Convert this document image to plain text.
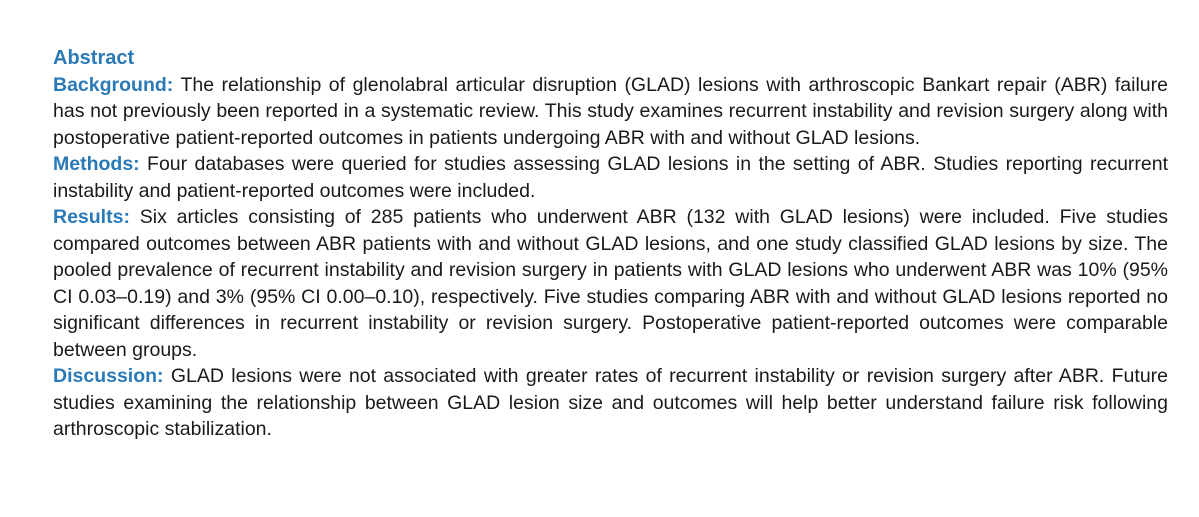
Abstract

Background: The relationship of glenolabral articular disruption (GLAD) lesions with arthroscopic Bankart repair (ABR) failure has not previously been reported in a systematic review. This study examines recurrent instability and revision surgery along with postoperative patient-reported outcomes in patients undergoing ABR with and without GLAD lesions.

Methods: Four databases were queried for studies assessing GLAD lesions in the setting of ABR. Studies reporting recurrent instability and patient-reported outcomes were included.

Results: Six articles consisting of 285 patients who underwent ABR (132 with GLAD lesions) were included. Five studies compared outcomes between ABR patients with and without GLAD lesions, and one study classified GLAD lesions by size. The pooled prevalence of recurrent instability and revision surgery in patients with GLAD lesions who underwent ABR was 10% (95% CI 0.03–0.19) and 3% (95% CI 0.00–0.10), respectively. Five studies comparing ABR with and without GLAD lesions reported no significant differences in recurrent instability or revision surgery. Postoperative patient-reported outcomes were comparable between groups.

Discussion: GLAD lesions were not associated with greater rates of recurrent instability or revision surgery after ABR. Future studies examining the relationship between GLAD lesion size and outcomes will help better understand failure risk following arthroscopic stabilization.
